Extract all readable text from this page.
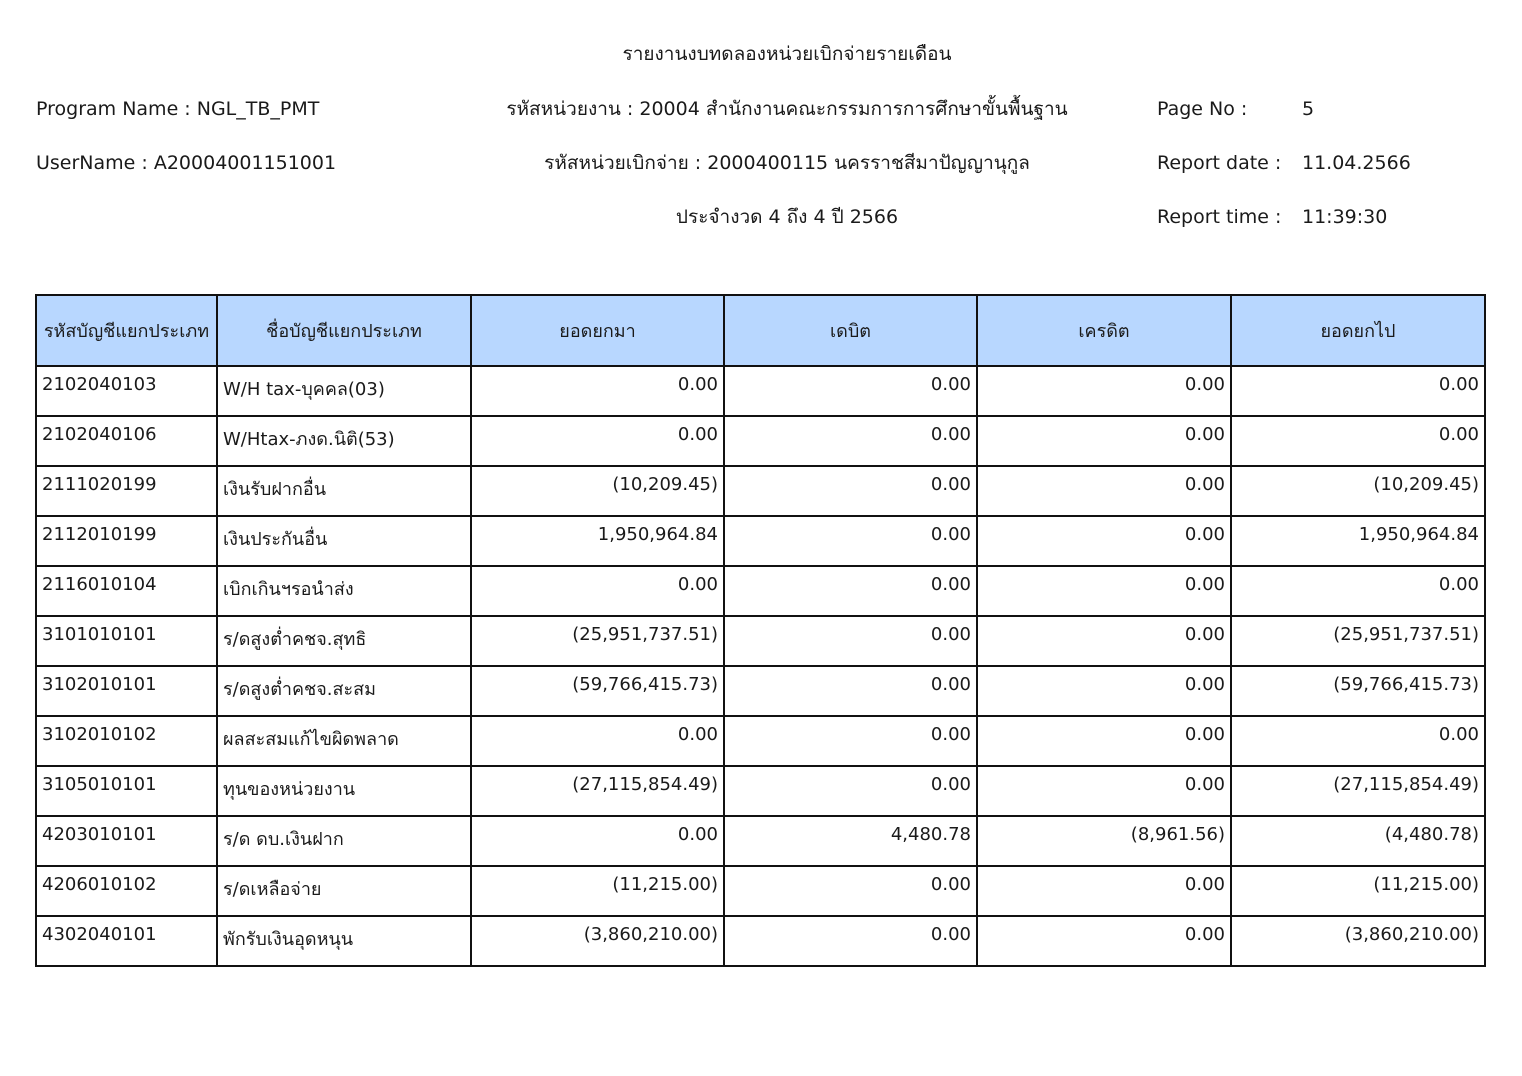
รายงานงบทดลองหน่วยเบิกจ่ายรายเดือน
Program Name : NGL_TB_PMT	รหัสหน่วยงาน : 20004 สำนักงานคณะกรรมการการศึกษาขั้นพื้นฐาน	Page No :	5
UserName : A20004001151001	รหัสหน่วยเบิกจ่าย : 2000400115 นครราชสีมาปัญญานุกูล	Report date : 11.04.2566
ประจำงวด 4 ถึง 4 ปี 2566	Report time : 11:39:30
รหัสบัญชีแยกประเภท	ชื่อบัญชีแยกประเภท	ยอดยกมา	เดบิต	เครดิต	ยอดยกไป
2102040103	W/H tax-บุคคล(03)	0.00	0.00	0.00	0.00
2102040106	W/Htax-ภงด.นิติ(53)	0.00	0.00	0.00	0.00
2111020199	เงินรับฝากอื่น	(10,209.45)	0.00	0.00	(10,209.45)
2112010199	เงินประกันอื่น	1,950,964.84	0.00	0.00	1,950,964.84
2116010104	เบิกเกินฯรอนำส่ง	0.00	0.00	0.00	0.00
3101010101	ร/ดสูงต่ำคชจ.สุทธิ	(25,951,737.51)	0.00	0.00	(25,951,737.51)
3102010101	ร/ดสูงต่ำคชจ.สะสม	(59,766,415.73)	0.00	0.00	(59,766,415.73)
3102010102	ผลสะสมแก้ไขผิดพลาด	0.00	0.00	0.00	0.00
3105010101	ทุนของหน่วยงาน	(27,115,854.49)	0.00	0.00	(27,115,854.49)
4203010101	ร/ด ดบ.เงินฝาก	0.00	4,480.78	(8,961.56)	(4,480.78)
4206010102	ร/ดเหลือจ่าย	(11,215.00)	0.00	0.00	(11,215.00)
4302040101	พักรับเงินอุดหนุน	(3,860,210.00)	0.00	0.00	(3,860,210.00)
